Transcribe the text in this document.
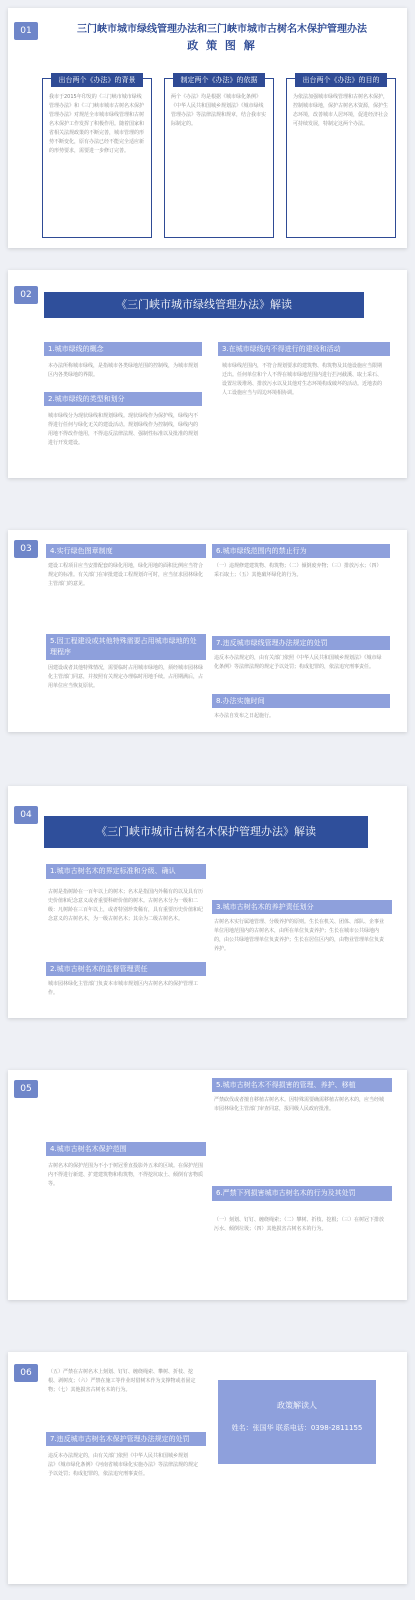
01	三门峡市城市绿线管理办法和三门峡市城市古树名木保护管理办法
政 策 图 解
出台两个《办法》的背景
我市于2015年印发的《三门峡市城市绿线管理办法》和《三门峡市城市古树名木保护管理办法》对规范全市城市绿线管理和古树名木保护工作发挥了积极作用。随着国家和省相关法规政策的不断完善，城市管理的形势不断变化，原有办法已经不能完全适应新的形势要求，需要进一步修订完善。
制定两个《办法》的依据
两个《办法》均是根据《城市绿化条例》《中华人民共和国城乡规划法》《城市绿线管理办法》等法律法规和规章，结合我市实际制定的。
出台两个《办法》的目的
为依法加强城市绿线管理和古树名木保护，控制城市绿地，保护古树名木资源，保护生态环境，改善城市人居环境，促进经济社会可持续发展，特制定这两个办法。
02
《三门峡市城市绿线管理办法》解读
1.城市绿线的概念
本办法所称城市绿线，是指城市各类绿地范围的控制线，为城市规划区内各类绿地的界限。
2.城市绿线的类型和划分
城市绿线分为现状绿线和规划绿线。现状绿线作为保护线，绿线内不得进行任何与绿化无关的建设活动。规划绿线作为控制线，绿线内的用地不得改作他用，不得违反法律法规、强制性标准以及批准的规划进行开发建设。
3.在城市绿线内不得进行的建设和活动
城市绿线范围内，不符合规划要求的建筑物、构筑物及其他设施应当限期迁出。任何单位和个人不得在城市绿地范围内进行拦河截溪、取土采石、设置垃圾堆场、排放污水以及其他对生态环境构成破坏的活动。近地表的人工设施应当与周边环境相协调。
03	4.实行绿色图章制度
建设工程项目应当安排配套的绿化用地，绿化用地的面积比例应当符合规定的标准。有关部门在审批建设工程规划许可时，应当征求园林绿化主管部门的意见。
5.因工程建设或其他特殊需要占用城市绿地的处理程序
因建设或者其他特殊情况，需要临时占用城市绿地的，须经城市园林绿化主管部门同意，并按照有关规定办理临时用地手续。占用期满后，占用单位应当恢复原状。
6.城市绿线范围内的禁止行为
（一）违规修建建筑物、构筑物；（二）倾倒废弃物；（三）排放污水；（四）采石取土；（五）其他破坏绿化的行为。
7.违反城市绿线管理办法规定的处罚
违反本办法规定的，由有关部门依照《中华人民共和国城乡规划法》《城市绿化条例》等法律法规的规定予以处罚；构成犯罪的，依法追究刑事责任。
8.办法实施时间
本办法自发布之日起施行。
04
《三门峡市城市古树名木保护管理办法》解读
1.城市古树名木的界定标准和分级、确认
古树是指树龄在一百年以上的树木；名木是指国内外稀有的以及具有历史价值和纪念意义或者重要科研价值的树木。古树名木分为一级和二级：凡树龄在三百年以上，或者特别珍贵稀有，具有重要历史价值和纪念意义的古树名木，为一级古树名木；其余为二级古树名木。
2.城市古树名木的监督管理责任
城市园林绿化主管部门负责本市城市规划区内古树名木的保护管理工作。
3.城市古树名木的养护责任划分
古树名木实行属地管理、分级养护的原则。生长在机关、团体、部队、企事业单位用地范围内的古树名木，由所在单位负责养护；生长在城市公共绿地内的，由公共绿地管理单位负责养护；生长在居住区内的，由物业管理单位负责养护。
05
4.城市古树名木保护范围
古树名木的保护范围为不小于树冠垂直投影外五米的区域。在保护范围内不得进行新建、扩建建筑物和构筑物，不得挖坑取土、倾倒有害物质等。
5.城市古树名木不得损害的管理、养护、移植
严禁砍伐或者擅自移植古树名木。因特殊需要确需移植古树名木的，应当经城市园林绿化主管部门审查同意，报同级人民政府批准。
6.严禁下列损害城市古树名木的行为及其处罚
（一）刻划、钉钉、缠绕绳索；（二）攀树、折枝、挖根；（三）在树冠下排放污水、倾倒垃圾；（四）其他损害古树名木的行为。
06	（五）严禁在古树名木上刻划、钉钉、缠绕绳索、攀树、折枝、挖根、剥树皮；（六）严禁在施工等作业时借树木作为支撑物或者固定物；（七）其他损害古树名木的行为。
7.违反城市古树名木保护管理办法规定的处罚
违反本办法规定的，由有关部门依照《中华人民共和国城乡规划法》《城市绿化条例》《河南省城市绿化实施办法》等法律法规的规定予以处罚；构成犯罪的，依法追究刑事责任。
政策解读人
姓名：张国华 联系电话：0398-2811155
